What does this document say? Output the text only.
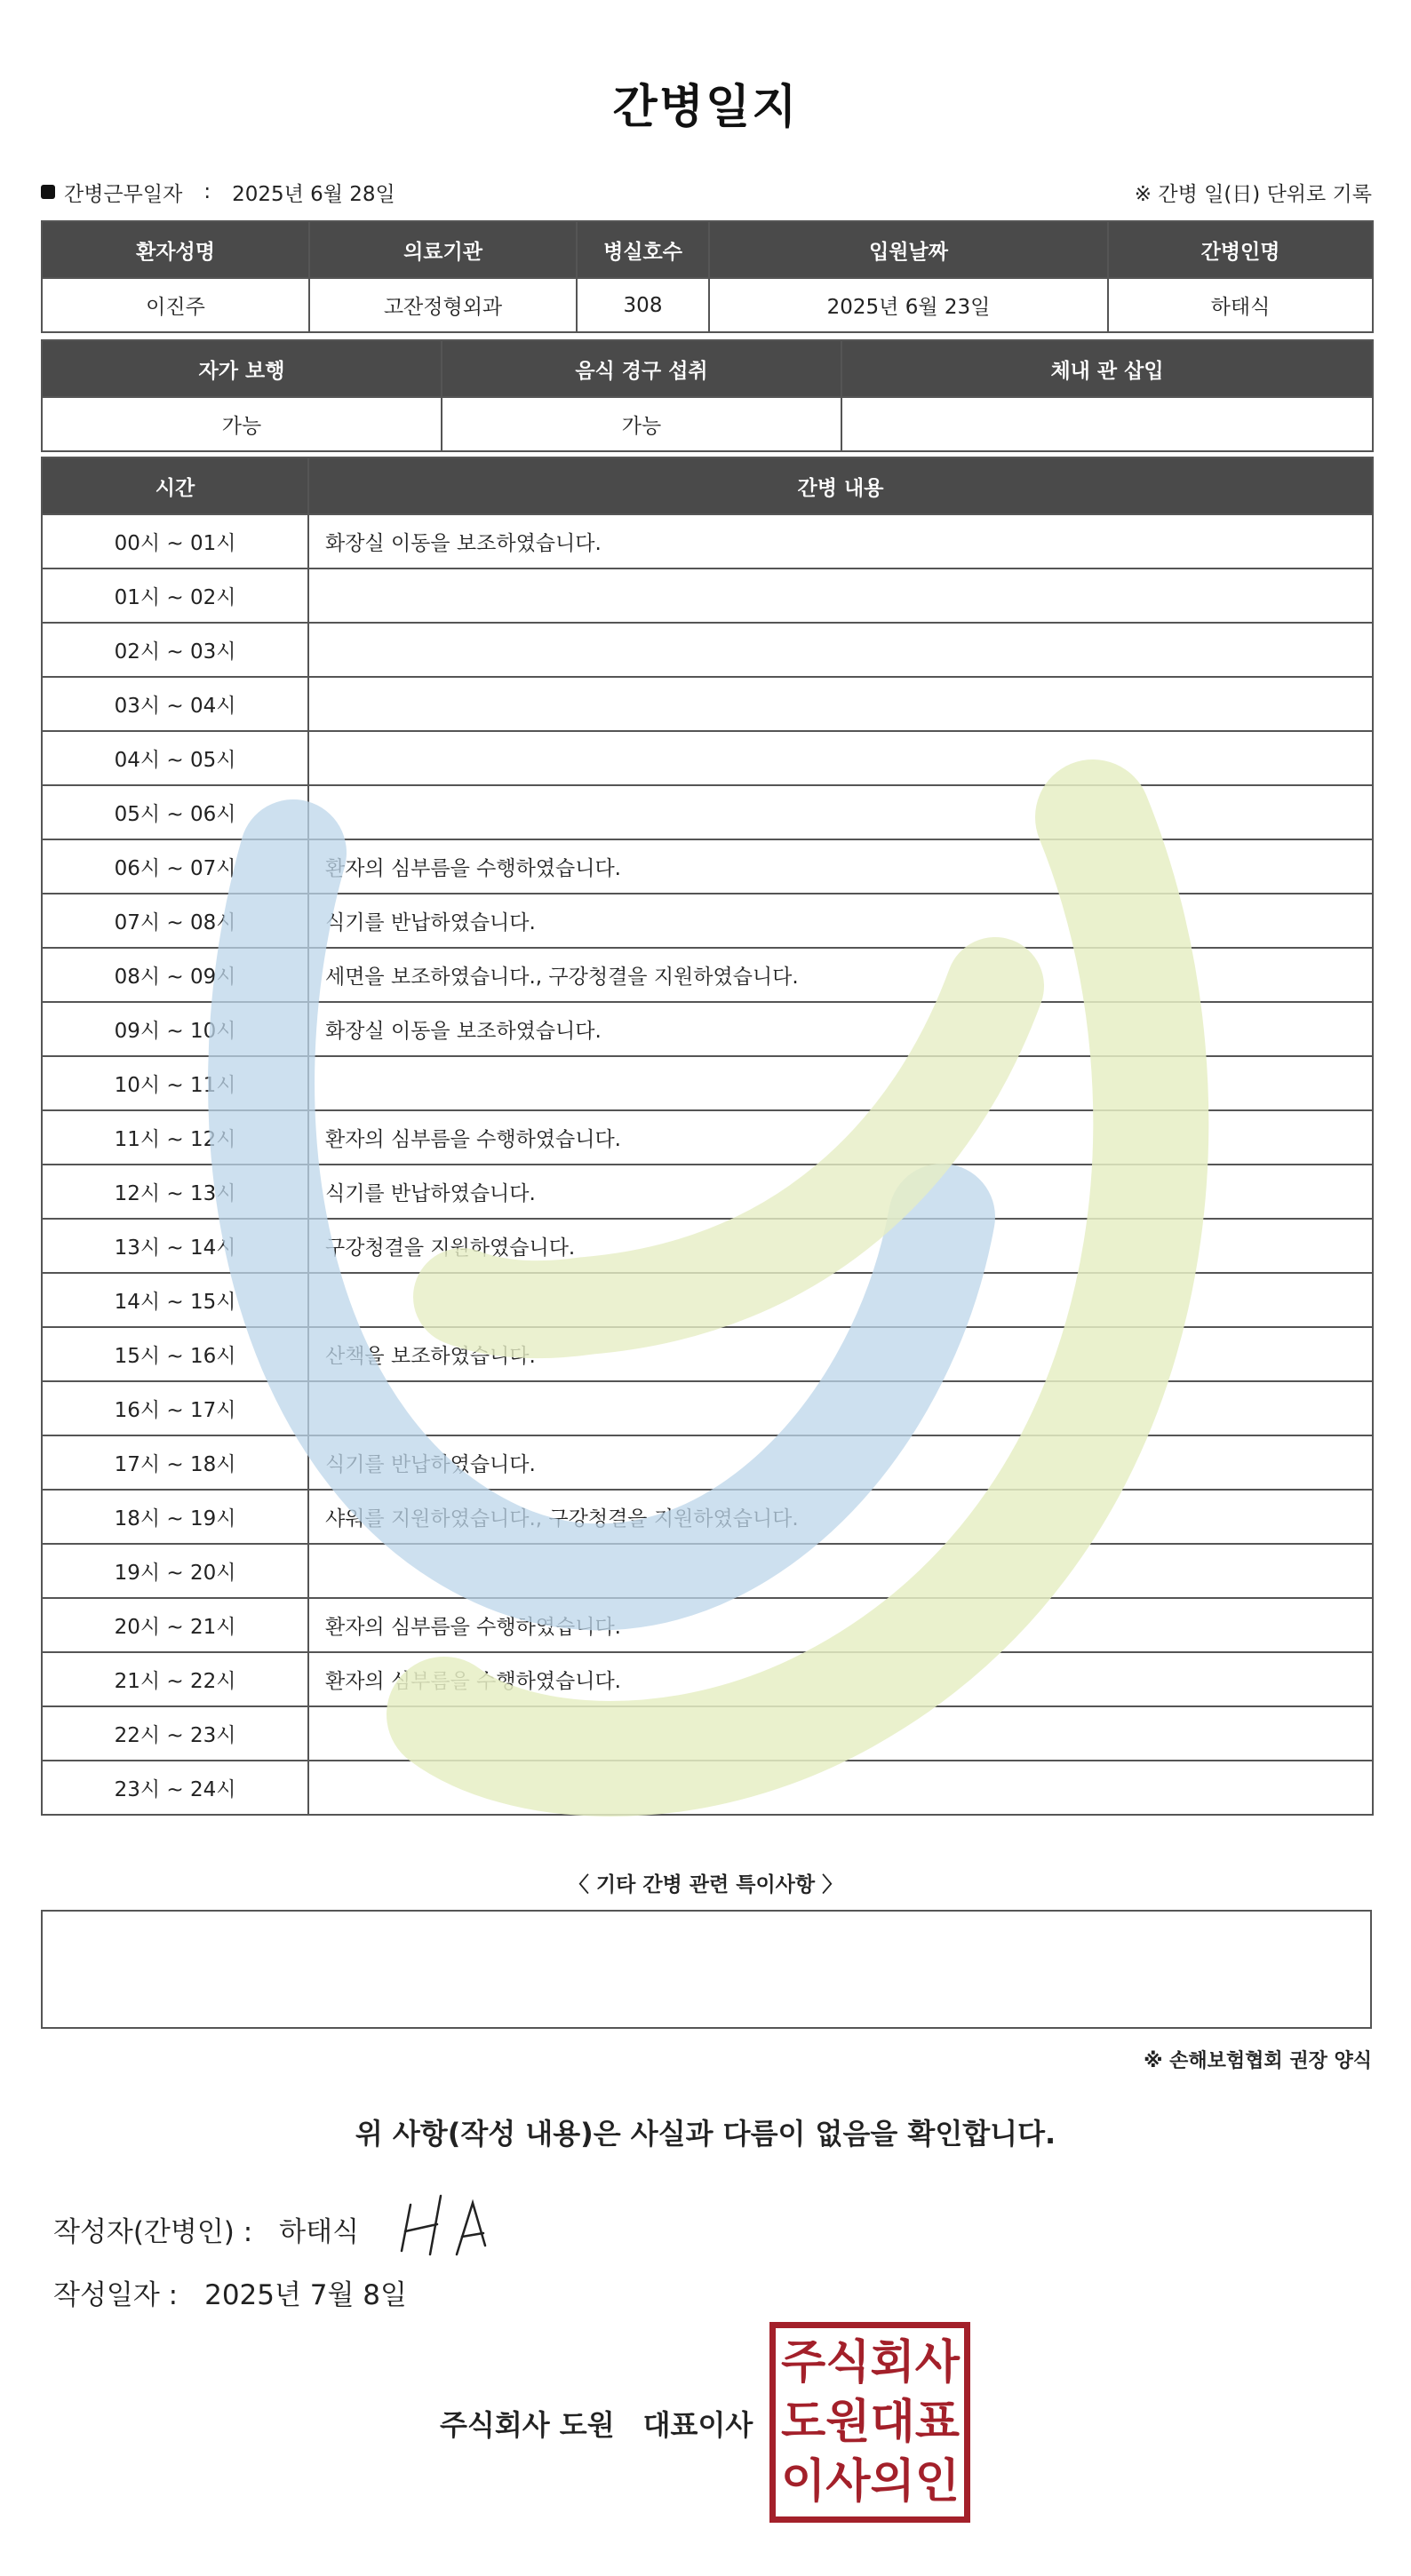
간병일지
간병근무일자 : 2025년 6월 28일	※ 간병 일(日) 단위로 기록
환자성명	의료기관	병실호수	입원날짜	간병인명
이진주	고잔정형외과	308	2025년 6월 23일	하태식
자가 보행	음식 경구 섭취	체내 관 삽입
가능	가능	
시간	간병 내용
00시 ~ 01시	화장실 이동을 보조하였습니다.
01시 ~ 02시	
02시 ~ 03시	
03시 ~ 04시	
04시 ~ 05시	
05시 ~ 06시	
06시 ~ 07시	환자의 심부름을 수행하였습니다.
07시 ~ 08시	식기를 반납하였습니다.
08시 ~ 09시	세면을 보조하였습니다., 구강청결을 지원하였습니다.
09시 ~ 10시	화장실 이동을 보조하였습니다.
10시 ~ 11시	
11시 ~ 12시	환자의 심부름을 수행하였습니다.
12시 ~ 13시	식기를 반납하였습니다.
13시 ~ 14시	구강청결을 지원하였습니다.
14시 ~ 15시	
15시 ~ 16시	산책을 보조하였습니다.
16시 ~ 17시	
17시 ~ 18시	식기를 반납하였습니다.
18시 ~ 19시	샤워를 지원하였습니다., 구강청결을 지원하였습니다.
19시 ~ 20시	
20시 ~ 21시	환자의 심부름을 수행하였습니다.
21시 ~ 22시	환자의 심부름을 수행하였습니다.
22시 ~ 23시	
23시 ~ 24시	
〈 기타 간병 관련 특이사항 〉
※ 손해보험협회 권장 양식
위 사항(작성 내용)은 사실과 다름이 없음을 확인합니다.
작성자(간병인) : 하태식
작성일자 : 2025년 7월 8일
주식회사 도원 대표이사
주 식 회 사
도 원 대 표
이 사 의 인
